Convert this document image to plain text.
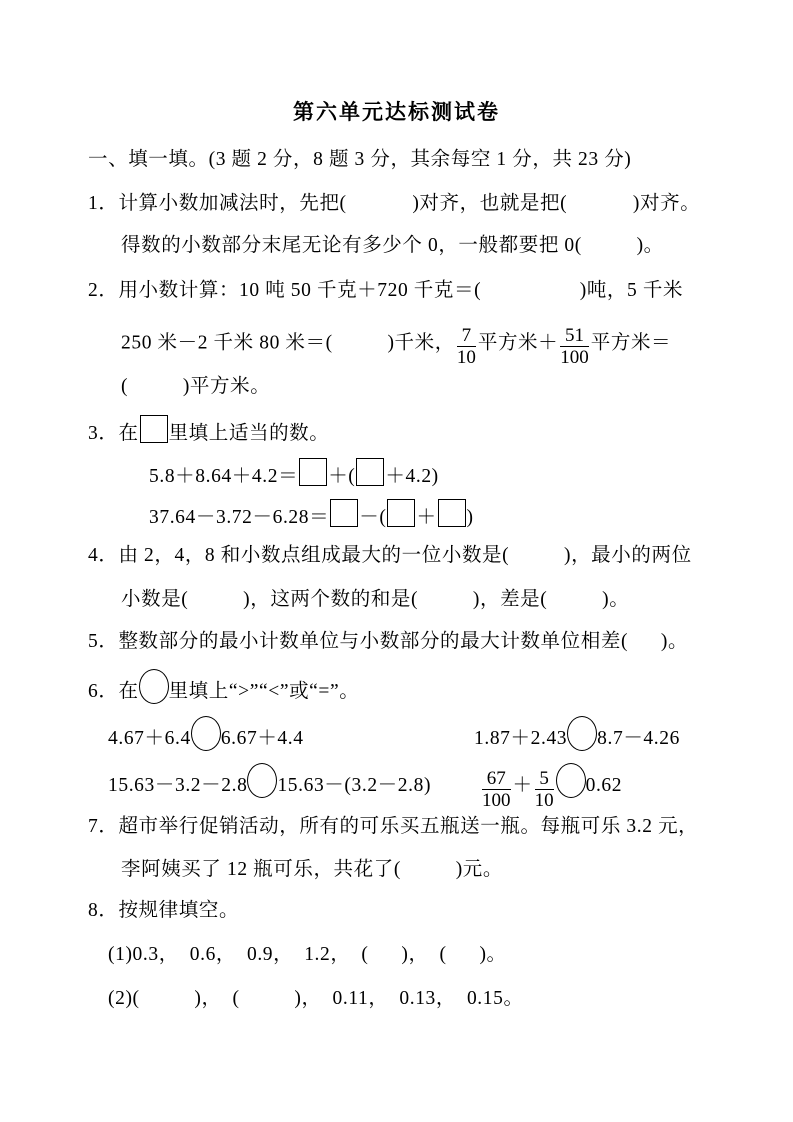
第六单元达标测试卷
一、填一填。(3 题 2 分，8 题 3 分，其余每空 1 分，共 23 分)
1．计算小数加减法时，先把(            )对齐，也就是把(            )对齐。
得数的小数部分末尾无论有多少个 0，一般都要把 0(          )。
2．用小数计算：10 吨 50 千克＋720 千克＝(                  )吨，5 千米
250 米－2 千米 80 米＝(          )千米， $\frac{7}{10}$ 平方米＋ $\frac{51}{100}$ 平方米＝
(          )平方米。
3．在 里填上适当的数。
5.8＋8.64＋4.2＝ ＋( ＋4.2)
37.64－3.72－6.28＝ －( ＋ )
4．由 2，4，8 和小数点组成最大的一位小数是(          )，最小的两位
小数是(          )，这两个数的和是(          )，差是(          )。
5．整数部分的最小计数单位与小数部分的最大计数单位相差(      )。
6．在 里填上“>”“<”或“=”。
4.67＋6.4 6.67＋4.4	1.87＋2.43 8.7－4.26
15.63－3.2－2.8 15.63－(3.2－2.8)	$\frac{67}{100} + \frac{5}{10} 0.62$
7．超市举行促销活动，所有的可乐买五瓶送一瓶。每瓶可乐 3.2 元，
李阿姨买了 12 瓶可乐，共花了(          )元。
8．按规律填空。
(1)0.3，  0.6，  0.9，  1.2，  (      )，  (      )。
(2)(          )，  (          )，  0.11，  0.13，  0.15。
